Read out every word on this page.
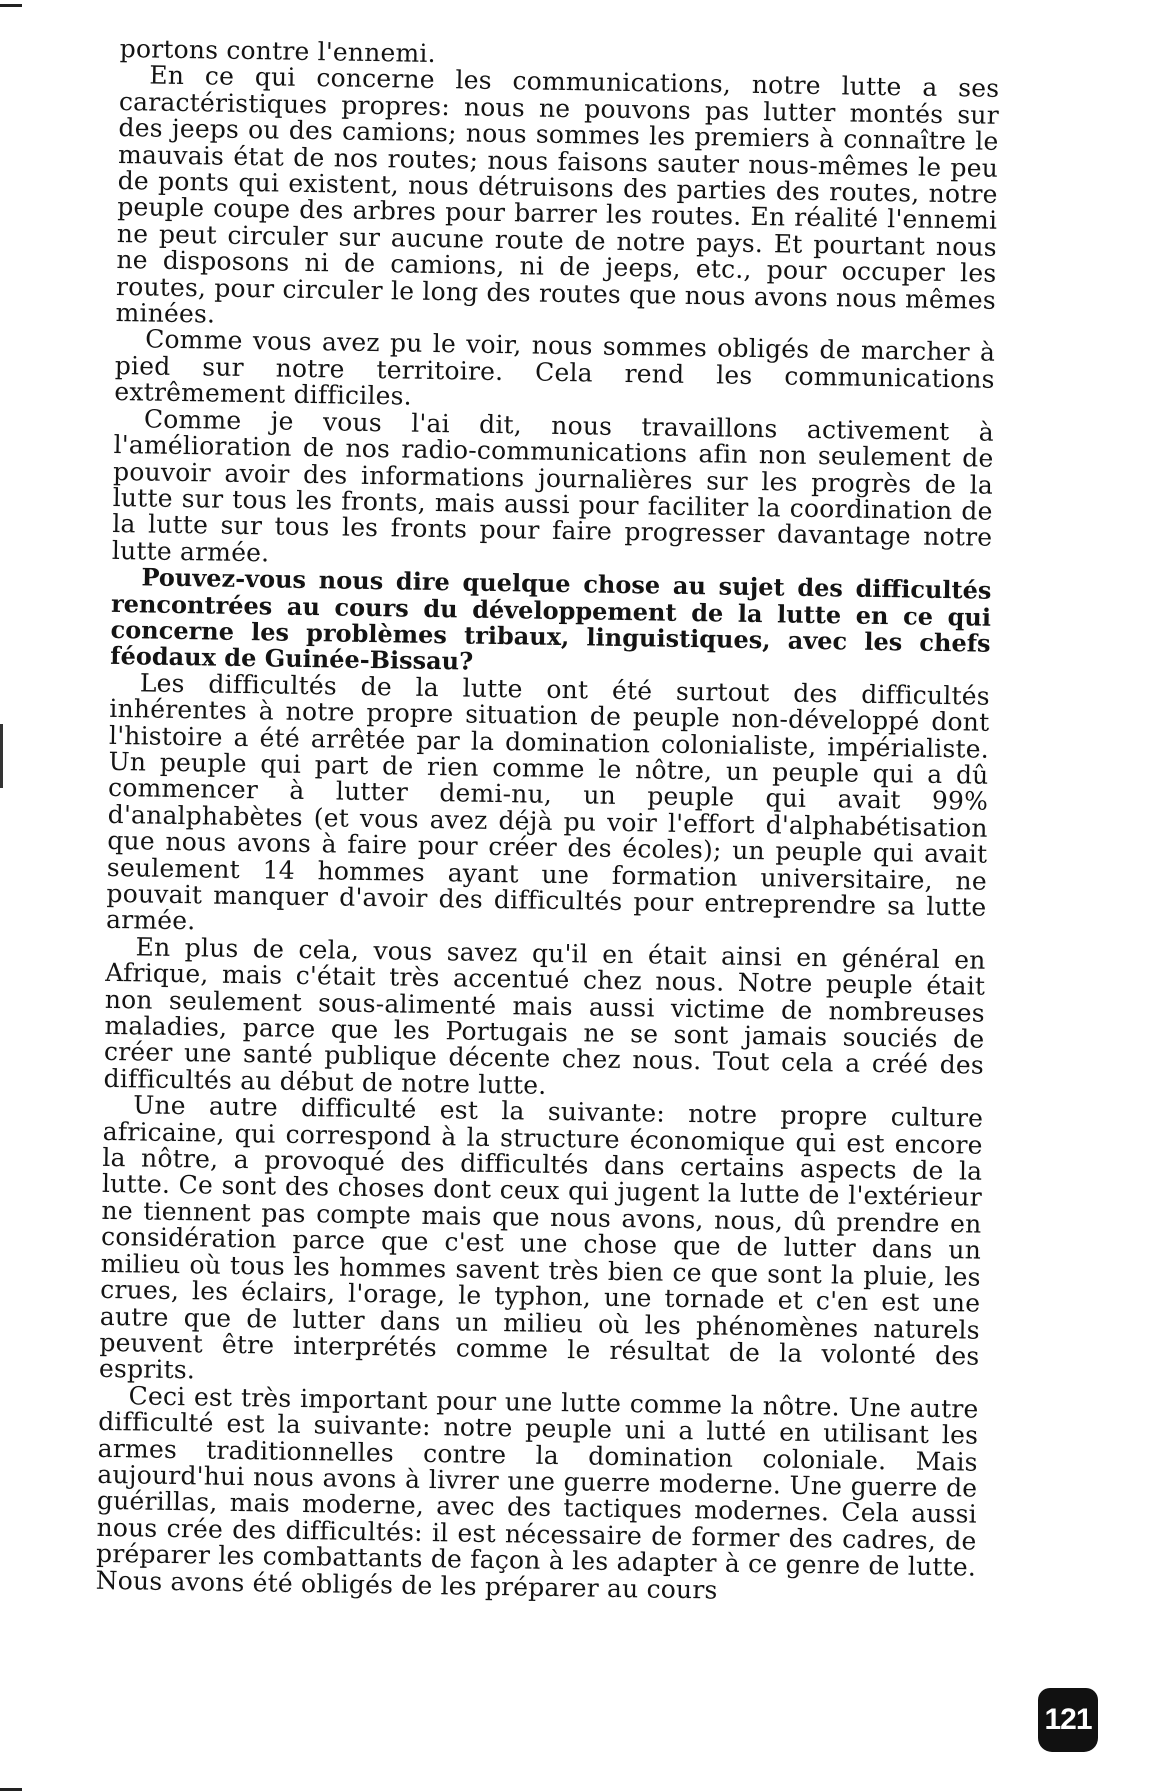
portons contre l'ennemi.

En ce qui concerne les communications, notre lutte a ses caractéristiques propres: nous ne pouvons pas lutter montés sur des jeeps ou des camions; nous sommes les premiers à connaître le mauvais état de nos routes; nous faisons sauter nous-mêmes le peu de ponts qui existent, nous détruisons des parties des routes, notre peuple coupe des arbres pour barrer les routes. En réalité l'ennemi ne peut circuler sur aucune route de notre pays. Et pourtant nous ne disposons ni de camions, ni de jeeps, etc., pour occuper les routes, pour circuler le long des routes que nous avons nous mêmes minées.

Comme vous avez pu le voir, nous sommes obligés de marcher à pied sur notre territoire. Cela rend les communications extrêmement difficiles.

Comme je vous l'ai dit, nous travaillons activement à l'amélioration de nos radio-communications afin non seulement de pouvoir avoir des informations journalières sur les progrès de la lutte sur tous les fronts, mais aussi pour faciliter la coordination de la lutte sur tous les fronts pour faire progresser davantage notre lutte armée.

Pouvez-vous nous dire quelque chose au sujet des difficultés rencontrées au cours du développement de la lutte en ce qui concerne les problèmes tribaux, linguistiques, avec les chefs féodaux de Guinée-Bissau?

Les difficultés de la lutte ont été surtout des difficultés inhérentes à notre propre situation de peuple non-développé dont l'histoire a été arrêtée par la domination colonialiste, impérialiste. Un peuple qui part de rien comme le nôtre, un peuple qui a dû commencer à lutter demi-nu, un peuple qui avait 99% d'analphabètes (et vous avez déjà pu voir l'effort d'alphabétisation que nous avons à faire pour créer des écoles); un peuple qui avait seulement 14 hommes ayant une formation universitaire, ne pouvait manquer d'avoir des difficultés pour entreprendre sa lutte armée.

En plus de cela, vous savez qu'il en était ainsi en général en Afrique, mais c'était très accentué chez nous. Notre peuple était non seulement sous-alimenté mais aussi victime de nombreuses maladies, parce que les Portugais ne se sont jamais souciés de créer une santé publique décente chez nous. Tout cela a créé des difficultés au début de notre lutte.

Une autre difficulté est la suivante: notre propre culture africaine, qui correspond à la structure économique qui est encore la nôtre, a provoqué des difficultés dans certains aspects de la lutte. Ce sont des choses dont ceux qui jugent la lutte de l'extérieur ne tiennent pas compte mais que nous avons, nous, dû prendre en considération parce que c'est une chose que de lutter dans un milieu où tous les hommes savent très bien ce que sont la pluie, les crues, les éclairs, l'orage, le typhon, une tornade et c'en est une autre que de lutter dans un milieu où les phénomènes naturels peuvent être interprétés comme le résultat de la volonté des esprits.

Ceci est très important pour une lutte comme la nôtre. Une autre difficulté est la suivante: notre peuple uni a lutté en utilisant les armes traditionnelles contre la domination coloniale. Mais aujourd'hui nous avons à livrer une guerre moderne. Une guerre de guérillas, mais moderne, avec des tactiques modernes. Cela aussi nous crée des difficultés: il est nécessaire de former des cadres, de préparer les combattants de façon à les adapter à ce genre de lutte. Nous avons été obligés de les préparer au cours

121
